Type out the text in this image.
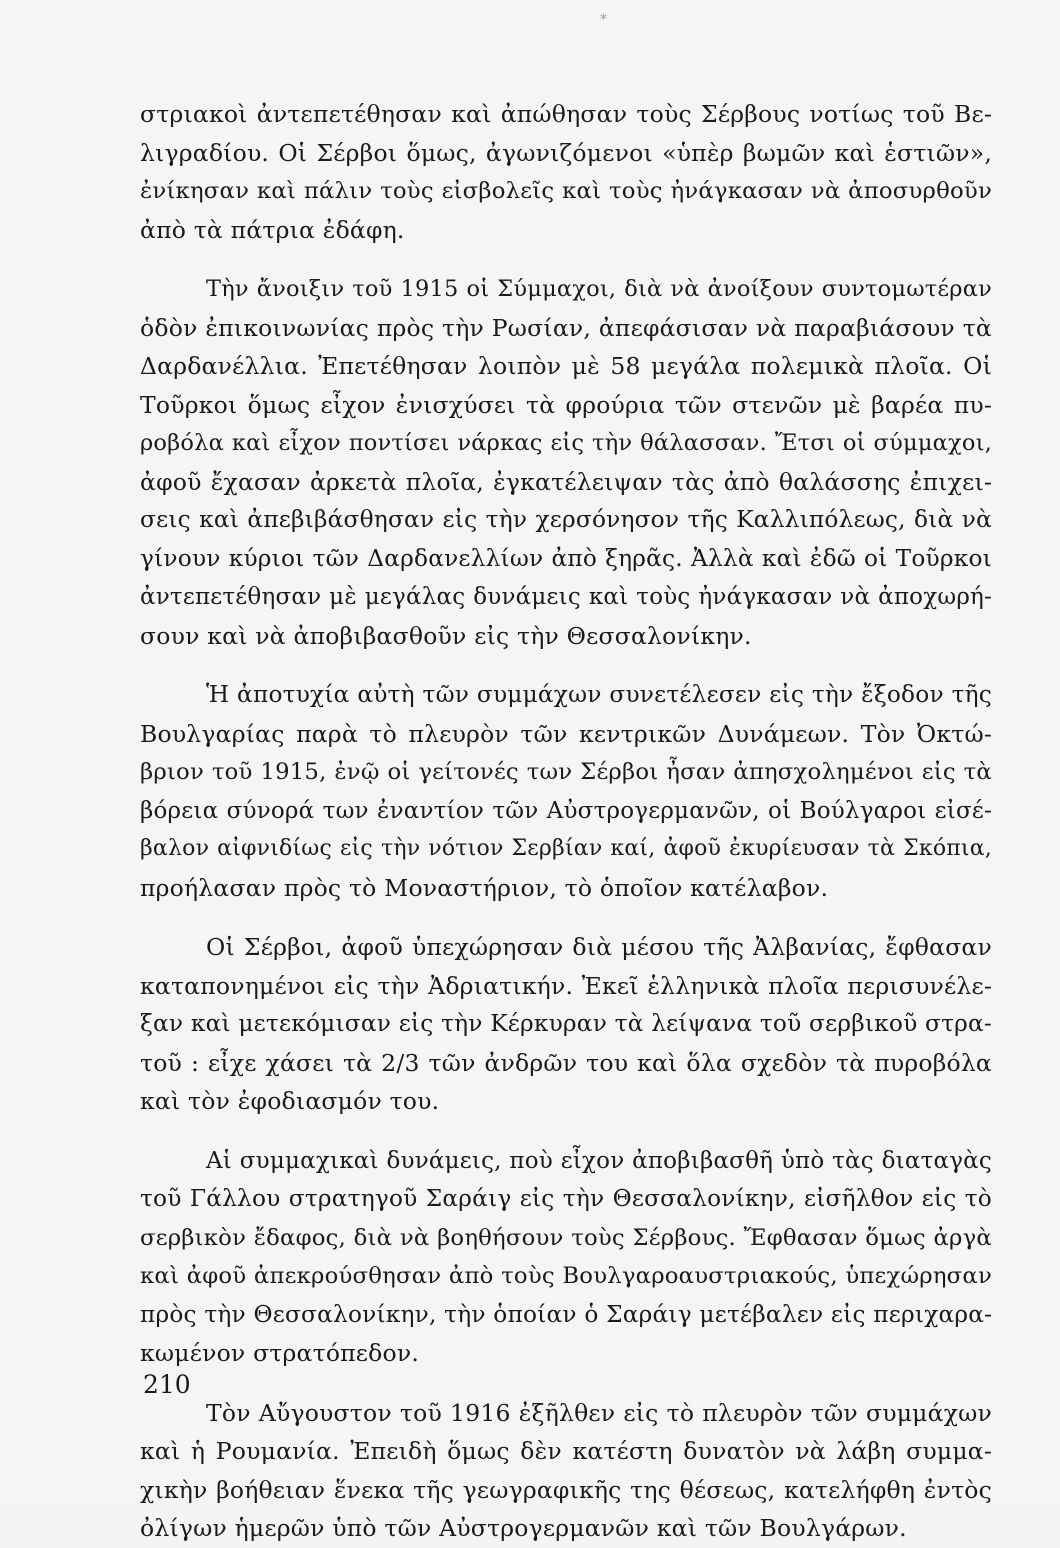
*
στριακοὶ ἀντεπετέθησαν καὶ ἀπώθησαν τοὺς Σέρβους νοτίως τοῦ Βε-
λιγραδίου. Οἱ Σέρβοι ὅμως, ἀγωνιζόμενοι «ὑπὲρ βωμῶν καὶ ἑστιῶν»,
ἐνίκησαν καὶ πάλιν τοὺς εἰσβολεῖς καὶ τοὺς ἠνάγκασαν νὰ ἀποσυρθοῦν
ἀπὸ τὰ πάτρια ἐδάφη.
Τὴν ἄνοιξιν τοῦ 1915 οἱ Σύμμαχοι, διὰ νὰ ἀνοίξουν συντομωτέραν
ὁδὸν ἐπικοινωνίας πρὸς τὴν Ρωσίαν, ἀπεφάσισαν νὰ παραβιάσουν τὰ
Δαρδανέλλια. Ἐπετέθησαν λοιπὸν μὲ 58 μεγάλα πολεμικὰ πλοῖα. Οἱ
Τοῦρκοι ὅμως εἶχον ἐνισχύσει τὰ φρούρια τῶν στενῶν μὲ βαρέα πυ-
ροβόλα καὶ εἶχον ποντίσει νάρκας εἰς τὴν θάλασσαν. Ἔτσι οἱ σύμμαχοι,
ἀφοῦ ἔχασαν ἀρκετὰ πλοῖα, ἐγκατέλειψαν τὰς ἀπὸ θαλάσσης ἐπιχει-
σεις καὶ ἀπεβιβάσθησαν εἰς τὴν χερσόνησον τῆς Καλλιπόλεως, διὰ νὰ
γίνουν κύριοι τῶν Δαρδανελλίων ἀπὸ ξηρᾶς. Ἀλλὰ καὶ ἐδῶ οἱ Τοῦρκοι
ἀντεπετέθησαν μὲ μεγάλας δυνάμεις καὶ τοὺς ἠνάγκασαν νὰ ἀποχωρή-
σουν καὶ νὰ ἀποβιβασθοῦν εἰς τὴν Θεσσαλονίκην.
Ἡ ἀποτυχία αὐτὴ τῶν συμμάχων συνετέλεσεν εἰς τὴν ἔξοδον τῆς
Βουλγαρίας παρὰ τὸ πλευρὸν τῶν κεντρικῶν Δυνάμεων. Τὸν Ὀκτώ-
βριον τοῦ 1915, ἐνῷ οἱ γείτονές των Σέρβοι ἦσαν ἀπησχολημένοι εἰς τὰ
βόρεια σύνορά των ἐναντίον τῶν Αὐστρογερμανῶν, οἱ Βούλγαροι εἰσέ-
βαλον αἰφνιδίως εἰς τὴν νότιον Σερβίαν καί, ἀφοῦ ἐκυρίευσαν τὰ Σκόπια,
προήλασαν πρὸς τὸ Μοναστήριον, τὸ ὁποῖον κατέλαβον.
Οἱ Σέρβοι, ἀφοῦ ὑπεχώρησαν διὰ μέσου τῆς Ἀλβανίας, ἔφθασαν
καταπονημένοι εἰς τὴν Ἀδριατικήν. Ἐκεῖ ἑλληνικὰ πλοῖα περισυνέλε-
ξαν καὶ μετεκόμισαν εἰς τὴν Κέρκυραν τὰ λείψανα τοῦ σερβικοῦ στρα-
τοῦ : εἶχε χάσει τὰ 2/3 τῶν ἀνδρῶν του καὶ ὅλα σχεδὸν τὰ πυροβόλα
καὶ τὸν ἐφοδιασμόν του.
Αἱ συμμαχικαὶ δυνάμεις, ποὺ εἶχον ἀποβιβασθῆ ὑπὸ τὰς διαταγὰς
τοῦ Γάλλου στρατηγοῦ Σαράιγ εἰς τὴν Θεσσαλονίκην, εἰσῆλθον εἰς τὸ
σερβικὸν ἔδαφος, διὰ νὰ βοηθήσουν τοὺς Σέρβους. Ἔφθασαν ὅμως ἀργὰ
καὶ ἀφοῦ ἀπεκρούσθησαν ἀπὸ τοὺς Βουλγαροαυστριακούς, ὑπεχώρησαν
πρὸς τὴν Θεσσαλονίκην, τὴν ὁποίαν ὁ Σαράιγ μετέβαλεν εἰς περιχαρα-
κωμένον στρατόπεδον.
Τὸν Αὔγουστον τοῦ 1916 ἐξῆλθεν εἰς τὸ πλευρὸν τῶν συμμάχων
καὶ ἡ Ρουμανία. Ἐπειδὴ ὅμως δὲν κατέστη δυνατὸν νὰ λάβη συμμα-
χικὴν βοήθειαν ἕνεκα τῆς γεωγραφικῆς της θέσεως, κατελήφθη ἐντὸς
ὀλίγων ἡμερῶν ὑπὸ τῶν Αὐστρογερμανῶν καὶ τῶν Βουλγάρων.
210
